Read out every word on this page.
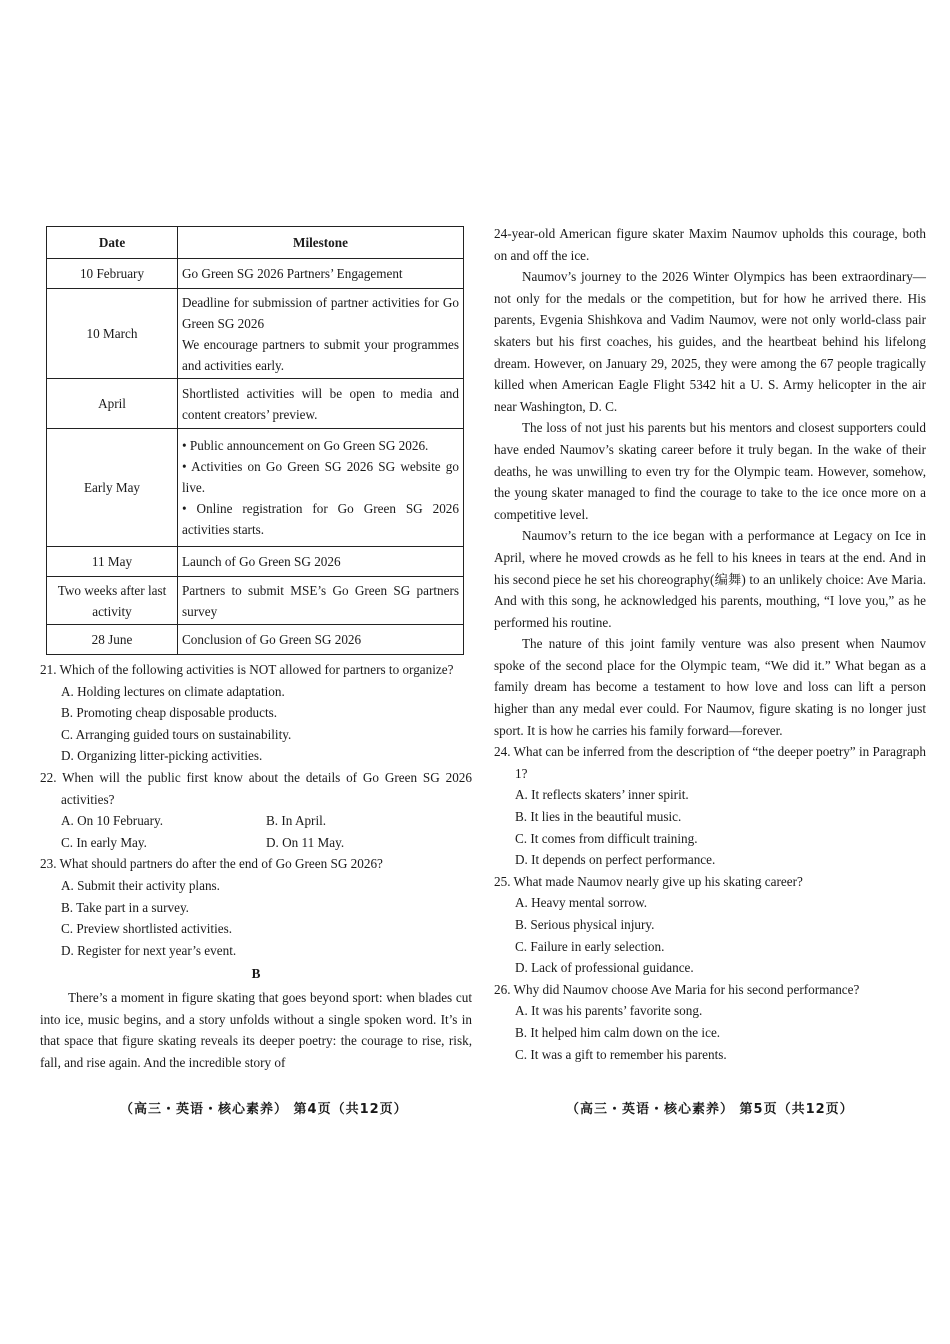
Date	Milestone
10 February	Go Green SG 2026 Partners’ Engagement

10 March	Deadline for submission of partner activities for Go Green SG 2026
We encourage partners to submit your programmes and activities early.

April	Shortlisted activities will be open to media and content creators’ preview.

Early May	• Public announcement on Go Green SG 2026.
• Activities on Go Green SG 2026 SG website go live.
• Online registration for Go Green SG 2026 activities starts.

11 May	Launch of Go Green SG 2026

Two weeks after last activity	Partners to submit MSE’s Go Green SG partners survey

28 June	Conclusion of Go Green SG 2026
21. Which of the following activities is NOT allowed for partners to organize?
A. Holding lectures on climate adaptation.
B. Promoting cheap disposable products.
C. Arranging guided tours on sustainability.
D. Organizing litter-picking activities.
22. When will the public first know about the details of Go Green SG 2026 activities?
A. On 10 February.	B. In April.
C. In early May.	D. On 11 May.
23. What should partners do after the end of Go Green SG 2026?
A. Submit their activity plans.
B. Take part in a survey.
C. Preview shortlisted activities.
D. Register for next year’s event.
B
There’s a moment in figure skating that goes beyond sport: when blades cut into ice, music begins, and a story unfolds without a single spoken word. It’s in that space that figure skating reveals its deeper poetry: the courage to rise, risk, fall, and rise again. And the incredible story of
24-year-old American figure skater Maxim Naumov upholds this courage, both on and off the ice.
Naumov’s journey to the 2026 Winter Olympics has been extraordinary—not only for the medals or the competition, but for how he arrived there. His parents, Evgenia Shishkova and Vadim Naumov, were not only world-class pair skaters but his first coaches, his guides, and the heartbeat behind his lifelong dream. However, on January 29, 2025, they were among the 67 people tragically killed when American Eagle Flight 5342 hit a U. S. Army helicopter in the air near Washington, D. C.
The loss of not just his parents but his mentors and closest supporters could have ended Naumov’s skating career before it truly began. In the wake of their deaths, he was unwilling to even try for the Olympic team. However, somehow, the young skater managed to find the courage to take to the ice once more on a competitive level.
Naumov’s return to the ice began with a performance at Legacy on Ice in April, where he moved crowds as he fell to his knees in tears at the end. And in his second piece he set his choreography(编舞) to an unlikely choice: Ave Maria. And with this song, he acknowledged his parents, mouthing, “I love you,” as he performed his routine.
The nature of this joint family venture was also present when Naumov spoke of the second place for the Olympic team, “We did it.” What began as a family dream has become a testament to how love and loss can lift a person higher than any medal ever could. For Naumov, figure skating is no longer just sport. It is how he carries his family forward—forever.
24. What can be inferred from the description of “the deeper poetry” in Paragraph 1?
A. It reflects skaters’ inner spirit.
B. It lies in the beautiful music.
C. It comes from difficult training.
D. It depends on perfect performance.
25. What made Naumov nearly give up his skating career?
A. Heavy mental sorrow.
B. Serious physical injury.
C. Failure in early selection.
D. Lack of professional guidance.
26. Why did Naumov choose Ave Maria for his second performance?
A. It was his parents’ favorite song.
B. It helped him calm down on the ice.
C. It was a gift to remember his parents.
（高三・英语・核心素养） 第4页（共12页）	（高三・英语・核心素养） 第5页（共12页）
